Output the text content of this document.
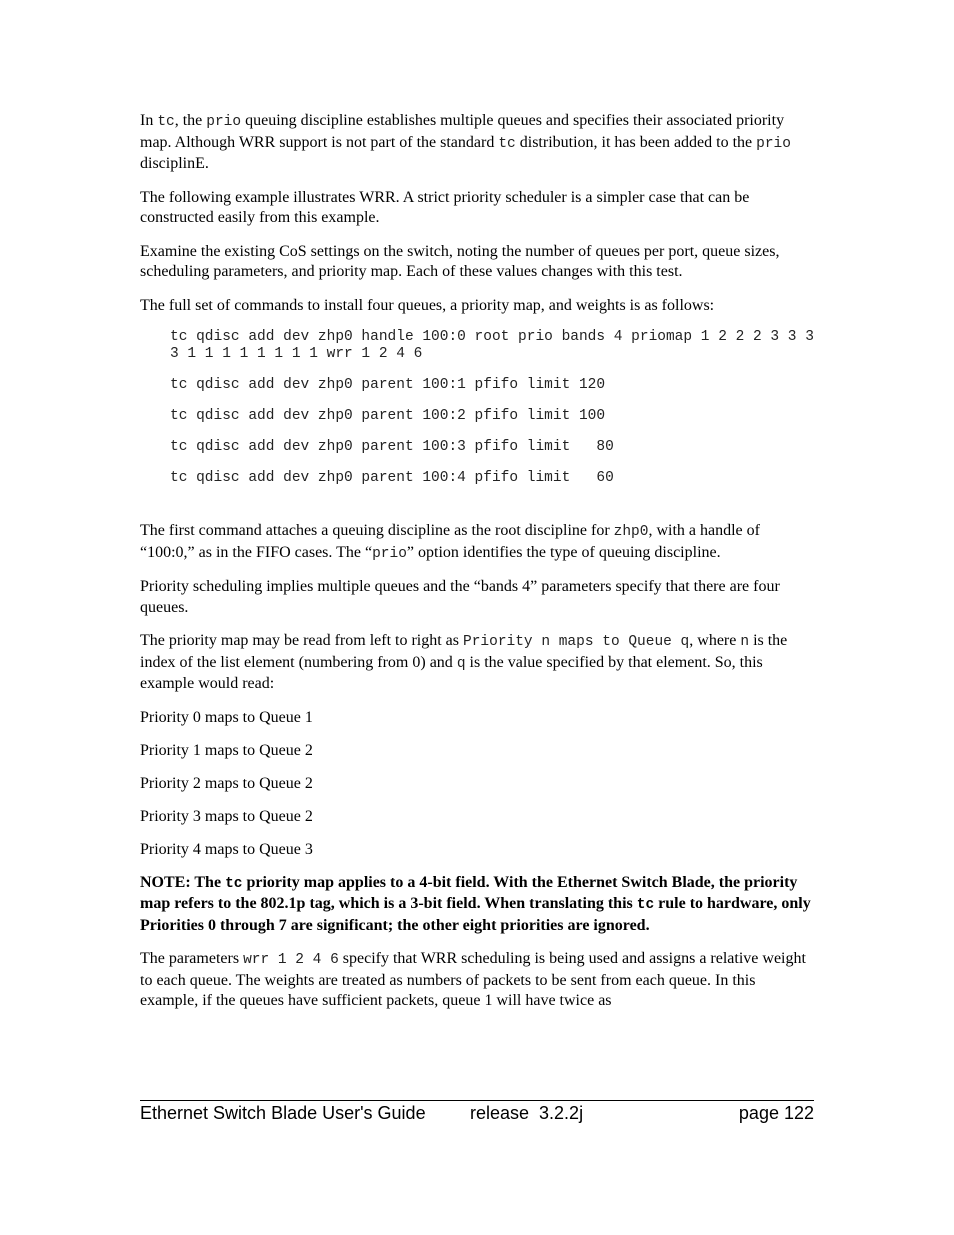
In tc, the prio queuing discipline establishes multiple queues and specifies their associated priority map. Although WRR support is not part of the standard tc distribution, it has been added to the prio disciplinE.

The following example illustrates WRR. A strict priority scheduler is a simpler case that can be constructed easily from this example.

Examine the existing CoS settings on the switch, noting the number of queues per port, queue sizes, scheduling parameters, and priority map. Each of these values changes with this test.

The full set of commands to install four queues, a priority map, and weights is as follows:

tc qdisc add dev zhp0 handle 100:0 root prio bands 4 priomap 1 2 2 2 3 3 3 3 1 1 1 1 1 1 1 1 wrr 1 2 4 6
tc qdisc add dev zhp0 parent 100:1 pfifo limit 120
tc qdisc add dev zhp0 parent 100:2 pfifo limit 100
tc qdisc add dev zhp0 parent 100:3 pfifo limit   80
tc qdisc add dev zhp0 parent 100:4 pfifo limit   60

The first command attaches a queuing discipline as the root discipline for zhp0, with a handle of “100:0,” as in the FIFO cases. The “prio” option identifies the type of queuing discipline.

Priority scheduling implies multiple queues and the “bands 4” parameters specify that there are four queues.

The priority map may be read from left to right as Priority n maps to Queue q, where n is the index of the list element (numbering from 0) and q is the value specified by that element. So, this example would read:

Priority 0 maps to Queue 1

Priority 1 maps to Queue 2

Priority 2 maps to Queue 2

Priority 3 maps to Queue 2

Priority 4 maps to Queue 3

NOTE: The tc priority map applies to a 4-bit field. With the Ethernet Switch Blade, the priority map refers to the 802.1p tag, which is a 3-bit field. When translating this tc rule to hardware, only Priorities 0 through 7 are significant; the other eight priorities are ignored.

The parameters wrr 1 2 4 6 specify that WRR scheduling is being used and assigns a relative weight to each queue. The weights are treated as numbers of packets to be sent from each queue. In this example, if the queues have sufficient packets, queue 1 will have twice as

Ethernet Switch Blade User's Guide release  3.2.2j	page 122
